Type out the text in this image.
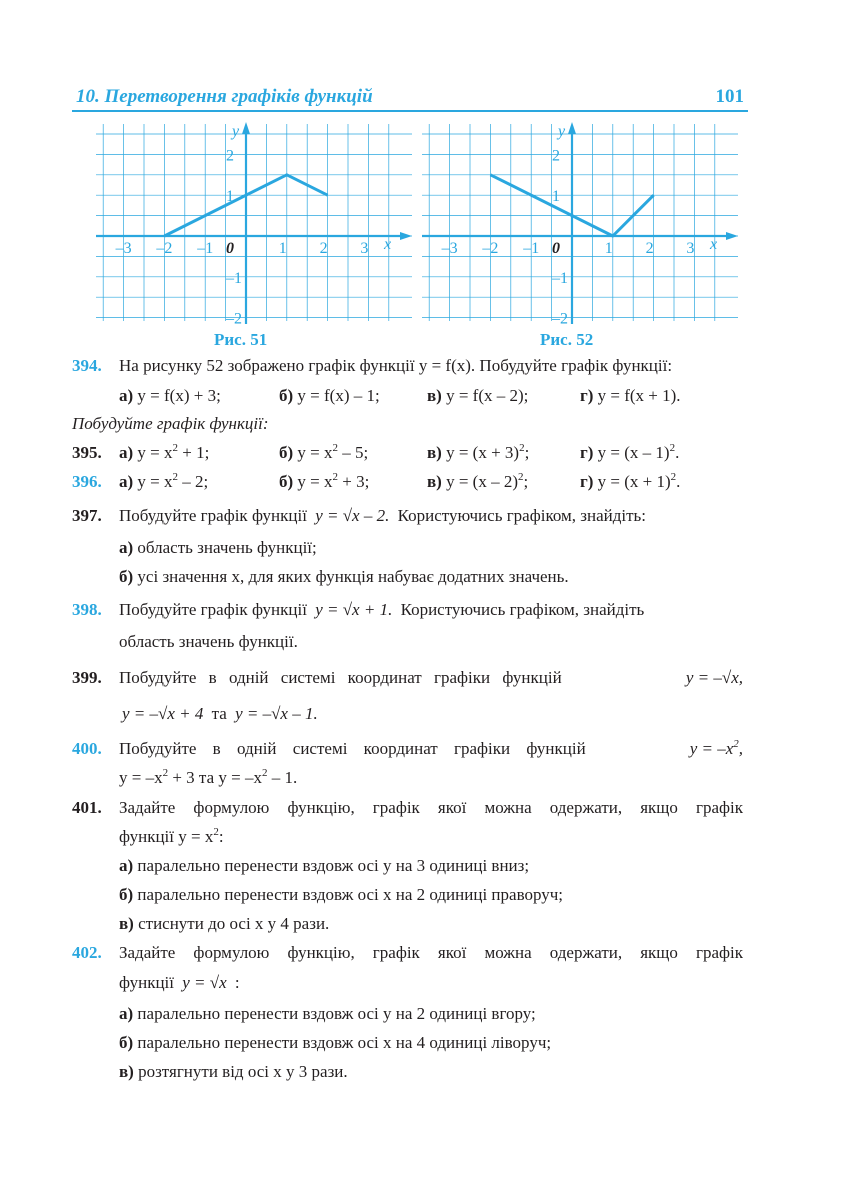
10. Перетворення графіків функцій	101
–3 –2 –1	1 2 3
2
1
–1
–2
0	x
y
–3 –2 –1	1 2 3
2
1
–1
–2
0	x
y
Рис. 51	Рис. 52
394. На рисунку 52 зображено графік функції y = f(x). Побудуйте графік функції:
а) y = f(x) + 3;	б) y = f(x) – 1;	в) y = f(x – 2);	г) y = f(x + 1).
Побудуйте графік функції:
395. а) $y = x^2 + 1$;	б) $y = x^2 - 5$;	в) $y = (x + 3)^2$;	г) y = (x – 1)$^2$.
396. а) $y = x^2 - 2$;	б) $y = x^2 + 3$;	в) y = (x – 2)$^2$;	г) $y = (x + 1)^2$.
397. Побудуйте графік функції y = √x – 2. Користуючись графіком, знайдіть:
а) область значень функції;
б) усі значення x, для яких функція набуває додатних значень.
398. Побудуйте графік функції y = √x + 1. Користуючись графіком, знайдіть
область значень функції.
399. Побудуйте в одній системі координат графіки функцій	y = –√x,
y = –√x + 4 та y = –√x – 1.
400. Побудуйте в одній системі координат графіки функцій	$y = -x^2$,
$y = -x^2 + 3$ та $y = -x^2 - 1$.
401. Задайте формулою функцію, графік якої можна одержати, якщо графік
функції $y = x^2$:
а) паралельно перенести вздовж осі y на 3 одиниці вниз;
б) паралельно перенести вздовж осі x на 2 одиниці праворуч;
в) стиснути до осі x у 4 рази.
402. Задайте формулою функцію, графік якої можна одержати, якщо графік
функції y = √x :
а) паралельно перенести вздовж осі y на 2 одиниці вгору;
б) паралельно перенести вздовж осі x на 4 одиниці ліворуч;
в) розтягнути від осі x у 3 рази.
